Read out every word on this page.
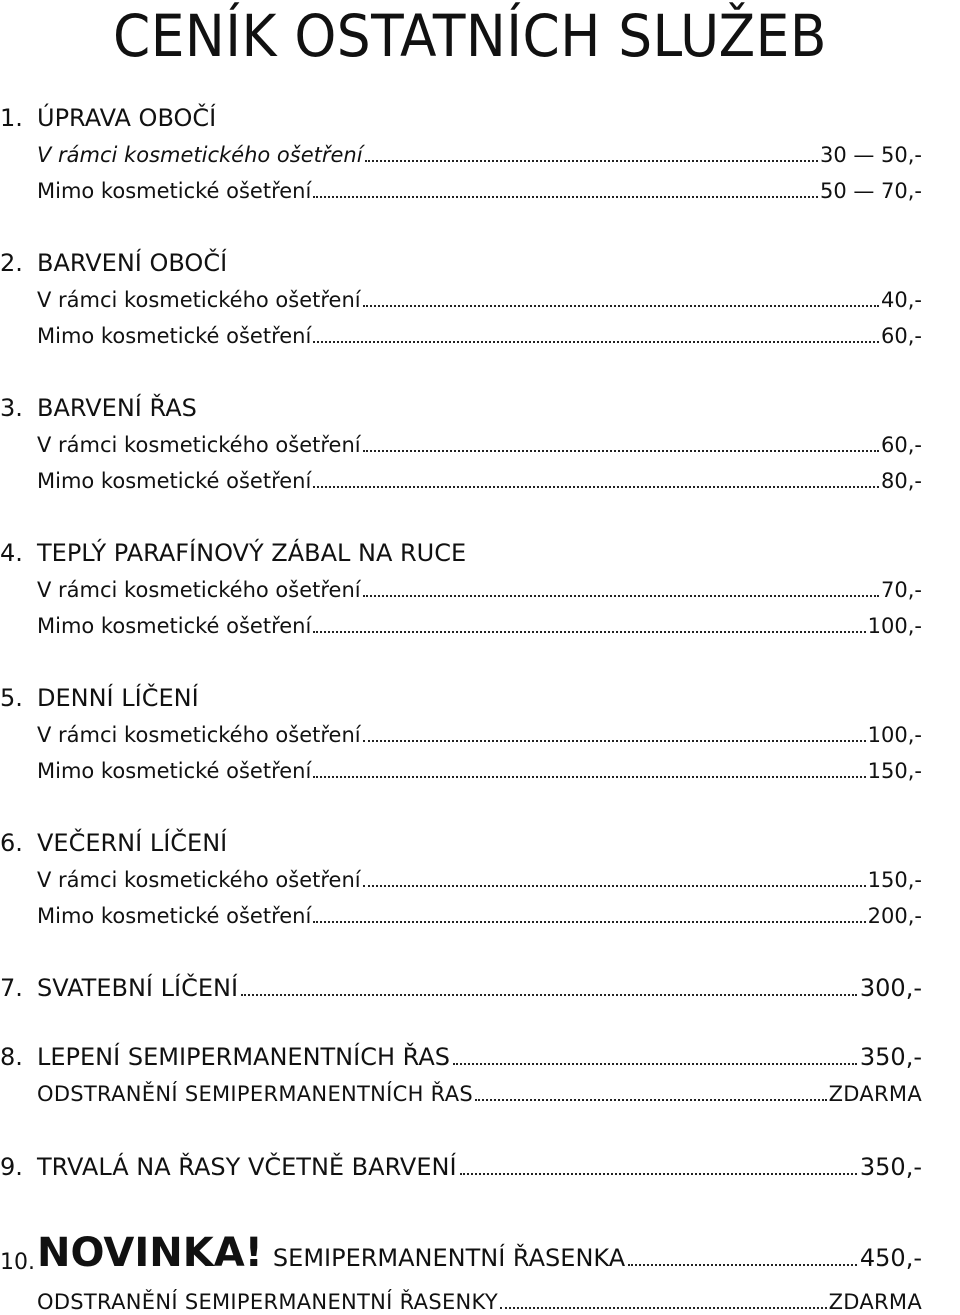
CENÍK OSTATNÍCH SLUŽEB
1. ÚPRAVA OBOČÍ
V rámci kosmetického ošetření	30 — 50,-
Mimo kosmetické ošetření	50 — 70,-
2. BARVENÍ OBOČÍ
V rámci kosmetického ošetření	40,-
Mimo kosmetické ošetření	60,-
3. BARVENÍ ŘAS
V rámci kosmetického ošetření	60,-
Mimo kosmetické ošetření	80,-
4. TEPLÝ PARAFÍNOVÝ ZÁBAL NA RUCE
V rámci kosmetického ošetření	70,-
Mimo kosmetické ošetření	100,-
5. DENNÍ LÍČENÍ
V rámci kosmetického ošetření	100,-
Mimo kosmetické ošetření	150,-
6. VEČERNÍ LÍČENÍ
V rámci kosmetického ošetření	150,-
Mimo kosmetické ošetření	200,-
7. SVATEBNÍ LÍČENÍ	300,-
8. LEPENÍ SEMIPERMANENTNÍCH ŘAS	350,-
ODSTRANĚNÍ SEMIPERMANENTNÍCH ŘAS	ZDARMA
9. TRVALÁ NA ŘASY VČETNĚ BARVENÍ	350,-
10. NOVINKA! SEMIPERMANENTNÍ ŘASENKA	450,-
ODSTRANĚNÍ SEMIPERMANENTNÍ ŘASENKY	ZDARMA
